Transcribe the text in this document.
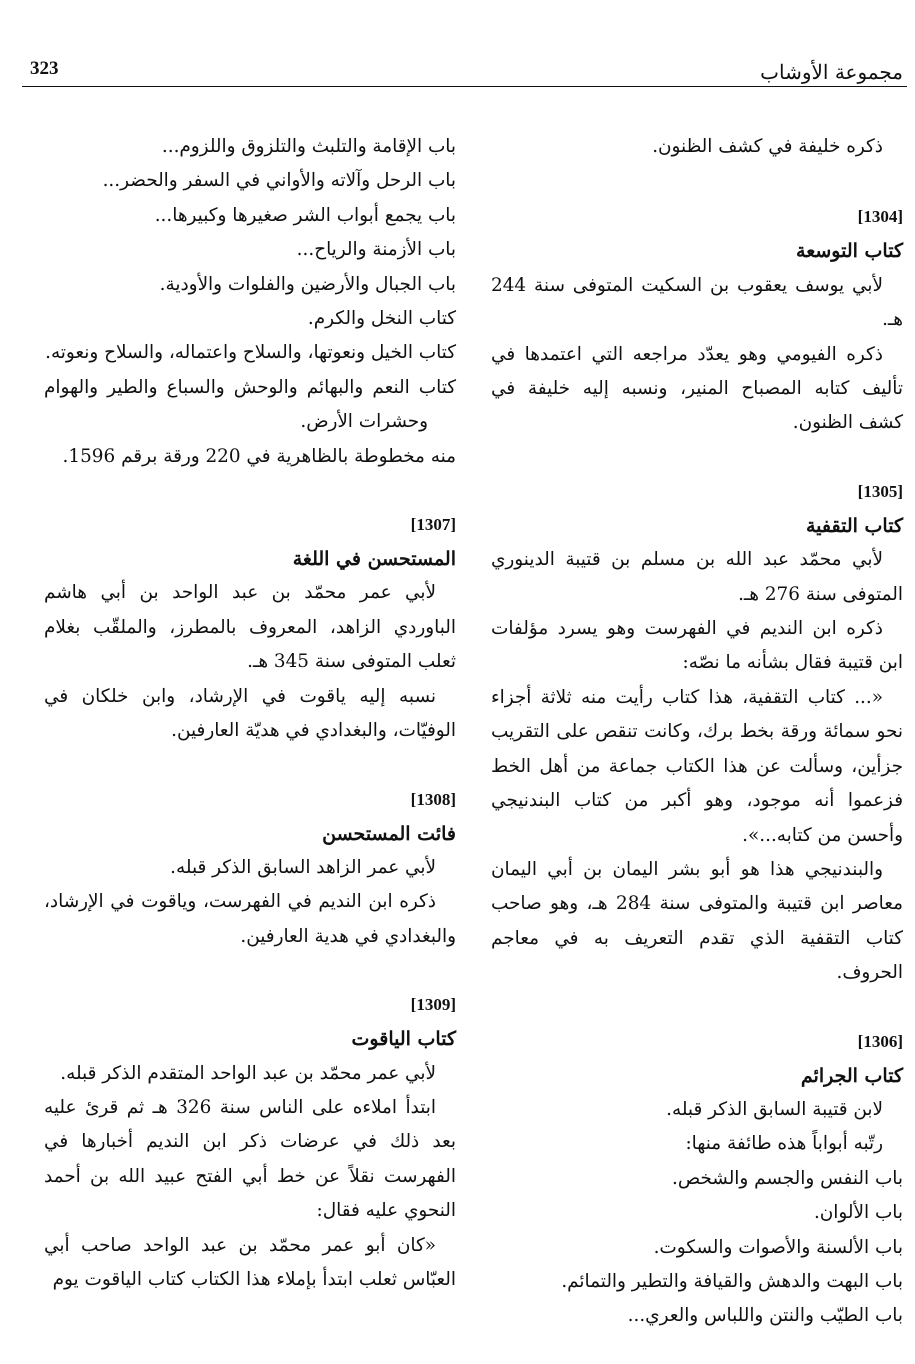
323	مجموعة الأوشاب

ذكره خليفة في كشف الظنون.

[1304]

كتاب التوسعة

لأبي يوسف يعقوب بن السكيت المتوفى سنة 244 هـ.

ذكره الفيومي وهو يعدّد مراجعه التي اعتمدها في تأليف كتابه المصباح المنير، ونسبه إليه خليفة في كشف الظنون.

[1305]

كتاب التقفية

لأبي محمّد عبد الله بن مسلم بن قتيبة الدينوري المتوفى سنة 276 هـ.

ذكره ابن النديم في الفهرست وهو يسرد مؤلفات ابن قتيبة فقال بشأنه ما نصّه:

«... كتاب التقفية، هذا كتاب رأيت منه ثلاثة أجزاء نحو سمائة ورقة بخط برك، وكانت تنقص على التقريب جزأين، وسألت عن هذا الكتاب جماعة من أهل الخط فزعموا أنه موجود، وهو أكبر من كتاب البندنيجي وأحسن من كتابه...».

والبندنيجي هذا هو أبو بشر اليمان بن أبي اليمان معاصر ابن قتيبة والمتوفى سنة 284 هـ، وهو صاحب كتاب التقفية الذي تقدم التعريف به في معاجم الحروف.

[1306]

كتاب الجرائم

لابن قتيبة السابق الذكر قبله.

رتّبه أبواباً هذه طائفة منها:

باب النفس والجسم والشخص.

باب الألوان.

باب الألسنة والأصوات والسكوت.

باب البهت والدهش والقيافة والتطير والتمائم.

باب الطيّب والنتن واللباس والعري...

باب الإقامة والتلبث والتلزوق واللزوم...

باب الرحل وآلاته والأواني في السفر والحضر...

باب يجمع أبواب الشر صغيرها وكبيرها...

باب الأزمنة والرياح...

باب الجبال والأرضين والفلوات والأودية.

كتاب النخل والكرم.

كتاب الخيل ونعوتها، والسلاح واعتماله، والسلاح ونعوته.

كتاب النعم والبهائم والوحش والسباع والطير والهوام وحشرات الأرض.

منه مخطوطة بالظاهرية في 220 ورقة برقم 1596.

[1307]

المستحسن في اللغة

لأبي عمر محمّد بن عبد الواحد بن أبي هاشم الباوردي الزاهد، المعروف بالمطرز، والملقّب بغلام ثعلب المتوفى سنة 345 هـ.

نسبه إليه ياقوت في الإرشاد، وابن خلكان في الوفيّات، والبغدادي في هديّة العارفين.

[1308]

فائت المستحسن

لأبي عمر الزاهد السابق الذكر قبله.

ذكره ابن النديم في الفهرست، وياقوت في الإرشاد، والبغدادي في هدية العارفين.

[1309]

كتاب الياقوت

لأبي عمر محمّد بن عبد الواحد المتقدم الذكر قبله.

ابتدأ املاءه على الناس سنة 326 هـ ثم قرئ عليه بعد ذلك في عرضات ذكر ابن النديم أخبارها في الفهرست نقلاً عن خط أبي الفتح عبيد الله بن أحمد النحوي عليه فقال:

«كان أبو عمر محمّد بن عبد الواحد صاحب أبي العبّاس ثعلب ابتدأ بإملاء هذا الكتاب كتاب الياقوت يوم
